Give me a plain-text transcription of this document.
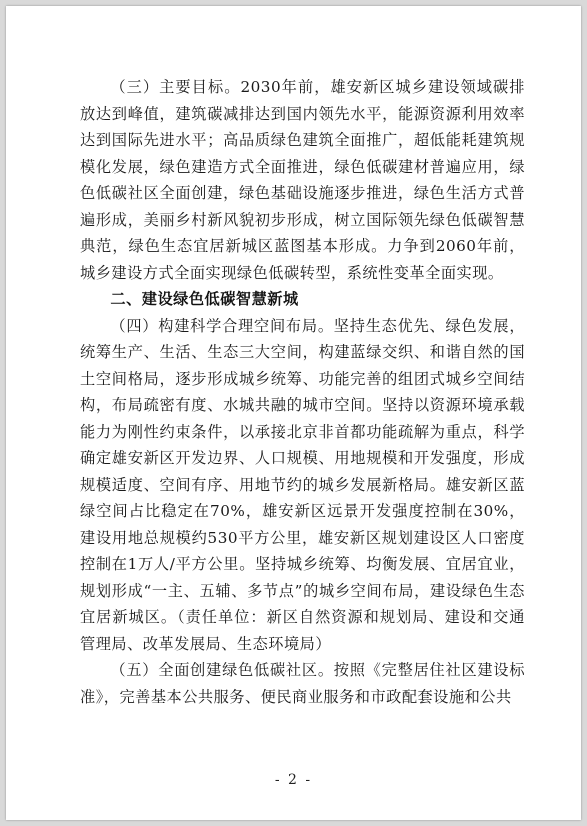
（三）主要目标。2030年前，雄安新区城乡建设领域碳排放达到峰值，建筑碳减排达到国内领先水平，能源资源利用效率达到国际先进水平；高品质绿色建筑全面推广，超低能耗建筑规模化发展，绿色建造方式全面推进，绿色低碳建材普遍应用，绿色低碳社区全面创建，绿色基础设施逐步推进，绿色生活方式普遍形成，美丽乡村新风貌初步形成，树立国际领先绿色低碳智慧典范，绿色生态宜居新城区蓝图基本形成。力争到2060年前，城乡建设方式全面实现绿色低碳转型，系统性变革全面实现。

二、建设绿色低碳智慧新城

（四）构建科学合理空间布局。坚持生态优先、绿色发展，统筹生产、生活、生态三大空间，构建蓝绿交织、和谐自然的国土空间格局，逐步形成城乡统筹、功能完善的组团式城乡空间结构，布局疏密有度、水城共融的城市空间。坚持以资源环境承载能力为刚性约束条件，以承接北京非首都功能疏解为重点，科学确定雄安新区开发边界、人口规模、用地规模和开发强度，形成规模适度、空间有序、用地节约的城乡发展新格局。雄安新区蓝绿空间占比稳定在70%，雄安新区远景开发强度控制在30%，建设用地总规模约530平方公里，雄安新区规划建设区人口密度控制在1万人/平方公里。坚持城乡统筹、均衡发展、宜居宜业，规划形成“一主、五辅、多节点”的城乡空间布局，建设绿色生态宜居新城区。（责任单位：新区自然资源和规划局、建设和交通管理局、改革发展局、生态环境局）

（五）全面创建绿色低碳社区。按照《完整居住社区建设标准》，完善基本公共服务、便民商业服务和市政配套设施和公共

- 2 -
